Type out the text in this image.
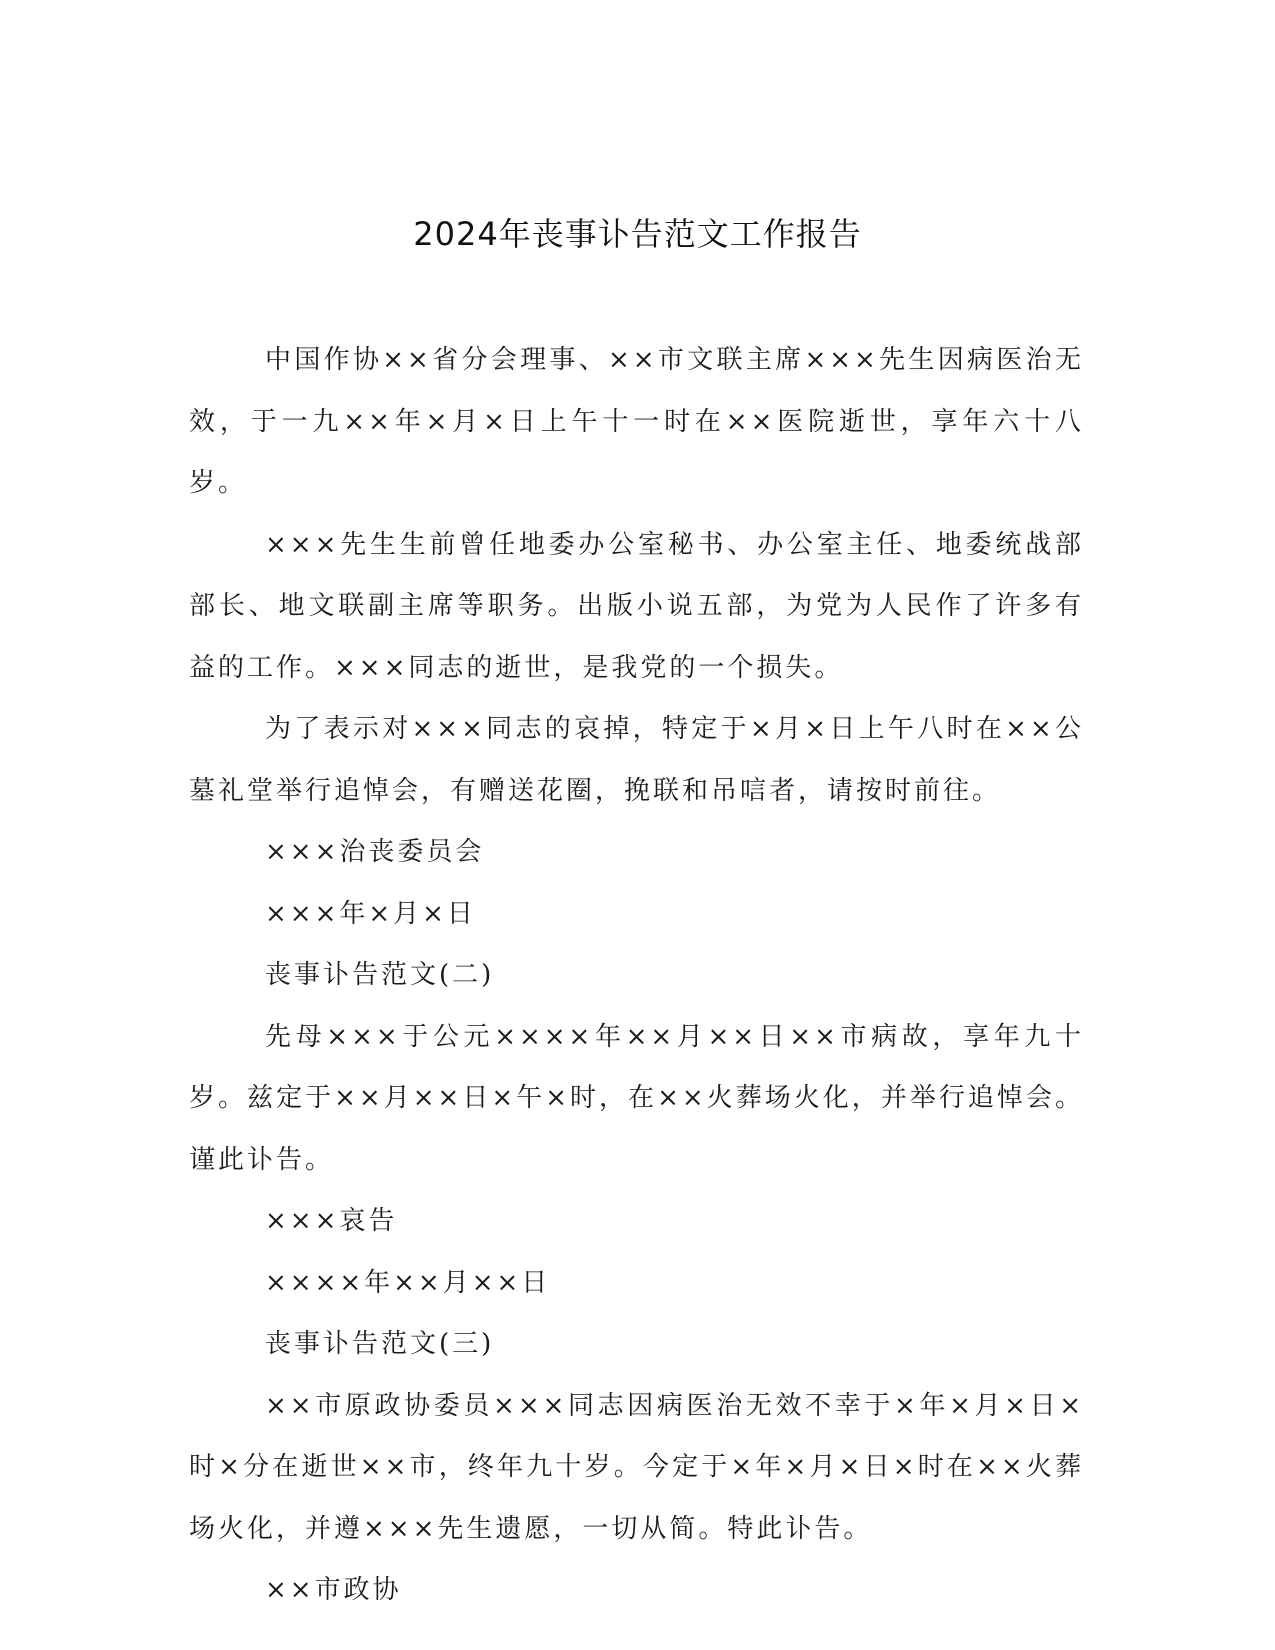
2024年丧事讣告范文工作报告

中国作协××省分会理事、××市文联主席×××先生因病医治无效，于一九××年×月×日上午十一时在××医院逝世，享年六十八岁。

×××先生生前曾任地委办公室秘书、办公室主任、地委统战部部长、地文联副主席等职务。出版小说五部，为党为人民作了许多有益的工作。×××同志的逝世，是我党的一个损失。

为了表示对×××同志的哀掉，特定于×月×日上午八时在××公墓礼堂举行追悼会，有赠送花圈，挽联和吊唁者，请按时前往。

×××治丧委员会

×××年×月×日

丧事讣告范文(二)

先母×××于公元××××年××月××日××市病故，享年九十岁。兹定于××月××日×午×时，在××火葬场火化，并举行追悼会。谨此讣告。

×××哀告

××××年××月××日

丧事讣告范文(三)

××市原政协委员×××同志因病医治无效不幸于×年×月×日×时×分在逝世××市，终年九十岁。今定于×年×月×日×时在××火葬场火化，并遵×××先生遗愿，一切从简。特此讣告。

××市政协
